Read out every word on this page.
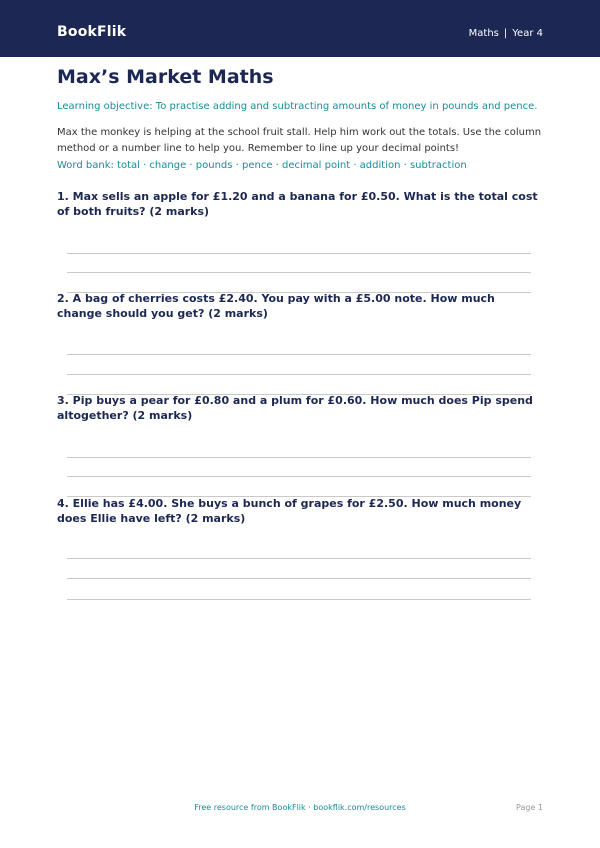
BookFlik	Maths | Year 4
Max’s Market Maths
Learning objective: To practise adding and subtracting amounts of money in pounds and pence.
Max the monkey is helping at the school fruit stall. Help him work out the totals. Use the column method or a number line to help you. Remember to line up your decimal points!
Word bank: total · change · pounds · pence · decimal point · addition · subtraction
1. Max sells an apple for £1.20 and a banana for £0.50. What is the total cost of both fruits? (2 marks)
2. A bag of cherries costs £2.40. You pay with a £5.00 note. How much change should you get? (2 marks)
3. Pip buys a pear for £0.80 and a plum for £0.60. How much does Pip spend altogether? (2 marks)
4. Ellie has £4.00. She buys a bunch of grapes for £2.50. How much money does Ellie have left? (2 marks)
Free resource from BookFlik · bookflik.com/resources	Page 1
